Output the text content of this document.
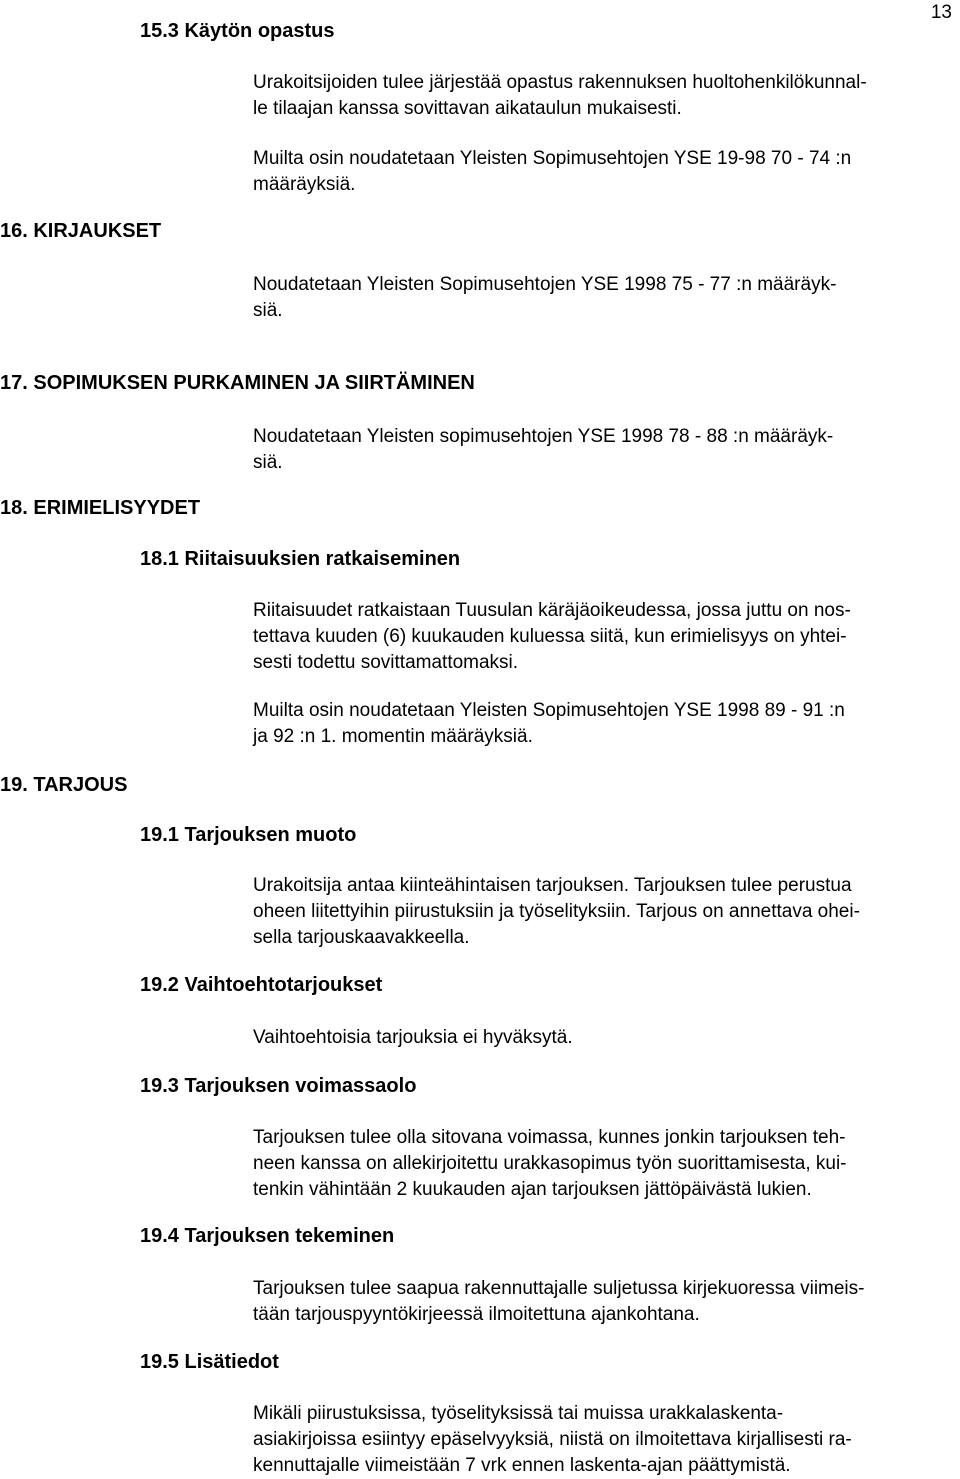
13
15.3 Käytön opastus
Urakoitsijoiden tulee järjestää opastus rakennuksen huoltohenkilökunnal-
le tilaajan kanssa sovittavan aikataulun mukaisesti.
Muilta osin noudatetaan Yleisten Sopimusehtojen YSE 19-98 70 - 74 :n
määräyksiä.
16. KIRJAUKSET
Noudatetaan Yleisten Sopimusehtojen YSE 1998 75 - 77 :n määräyk-
siä.
17. SOPIMUKSEN PURKAMINEN JA SIIRTÄMINEN
Noudatetaan Yleisten sopimusehtojen YSE 1998 78 - 88 :n määräyk-
siä.
18. ERIMIELISYYDET
18.1 Riitaisuuksien ratkaiseminen
Riitaisuudet ratkaistaan Tuusulan käräjäoikeudessa, jossa juttu on nos-
tettava kuuden (6) kuukauden kuluessa siitä, kun erimielisyys on yhtei-
sesti todettu sovittamattomaksi.
Muilta osin noudatetaan Yleisten Sopimusehtojen YSE 1998 89 - 91 :n
ja 92 :n 1. momentin määräyksiä.
19. TARJOUS
19.1 Tarjouksen muoto
Urakoitsija antaa kiinteähintaisen tarjouksen. Tarjouksen tulee perustua
oheen liitettyihin piirustuksiin ja työselityksiin. Tarjous on annettava ohei-
sella tarjouskaavakkeella.
19.2 Vaihtoehtotarjoukset
Vaihtoehtoisia tarjouksia ei hyväksytä.
19.3 Tarjouksen voimassaolo
Tarjouksen tulee olla sitovana voimassa, kunnes jonkin tarjouksen teh-
neen kanssa on allekirjoitettu urakkasopimus työn suorittamisesta, kui-
tenkin vähintään 2 kuukauden ajan tarjouksen jättöpäivästä lukien.
19.4 Tarjouksen tekeminen
Tarjouksen tulee saapua rakennuttajalle suljetussa kirjekuoressa viimeis-
tään tarjouspyyntökirjeessä ilmoitettuna ajankohtana.
19.5 Lisätiedot
Mikäli piirustuksissa, työselityksissä tai muissa urakkalaskenta-
asiakirjoissa esiintyy epäselvyyksiä, niistä on ilmoitettava kirjallisesti ra-
kennuttajalle viimeistään 7 vrk ennen laskenta-ajan päättymistä.
